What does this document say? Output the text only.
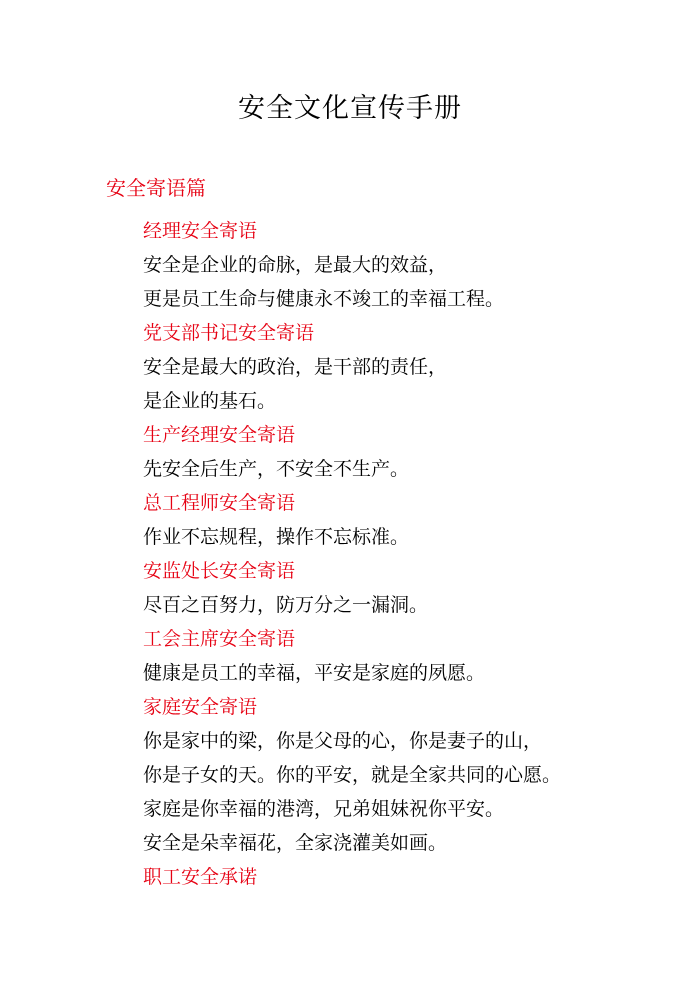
安全文化宣传手册
安全寄语篇
经理安全寄语
安全是企业的命脉，是最大的效益，
更是员工生命与健康永不竣工的幸福工程。
党支部书记安全寄语
安全是最大的政治，是干部的责任，
是企业的基石。
生产经理安全寄语
先安全后生产，不安全不生产。
总工程师安全寄语
作业不忘规程，操作不忘标准。
安监处长安全寄语
尽百之百努力，防万分之一漏洞。
工会主席安全寄语
健康是员工的幸福，平安是家庭的夙愿。
家庭安全寄语
你是家中的梁，你是父母的心，你是妻子的山，
你是子女的天。你的平安，就是全家共同的心愿。
家庭是你幸福的港湾，兄弟姐妹祝你平安。
安全是朵幸福花，全家浇灌美如画。
职工安全承诺
